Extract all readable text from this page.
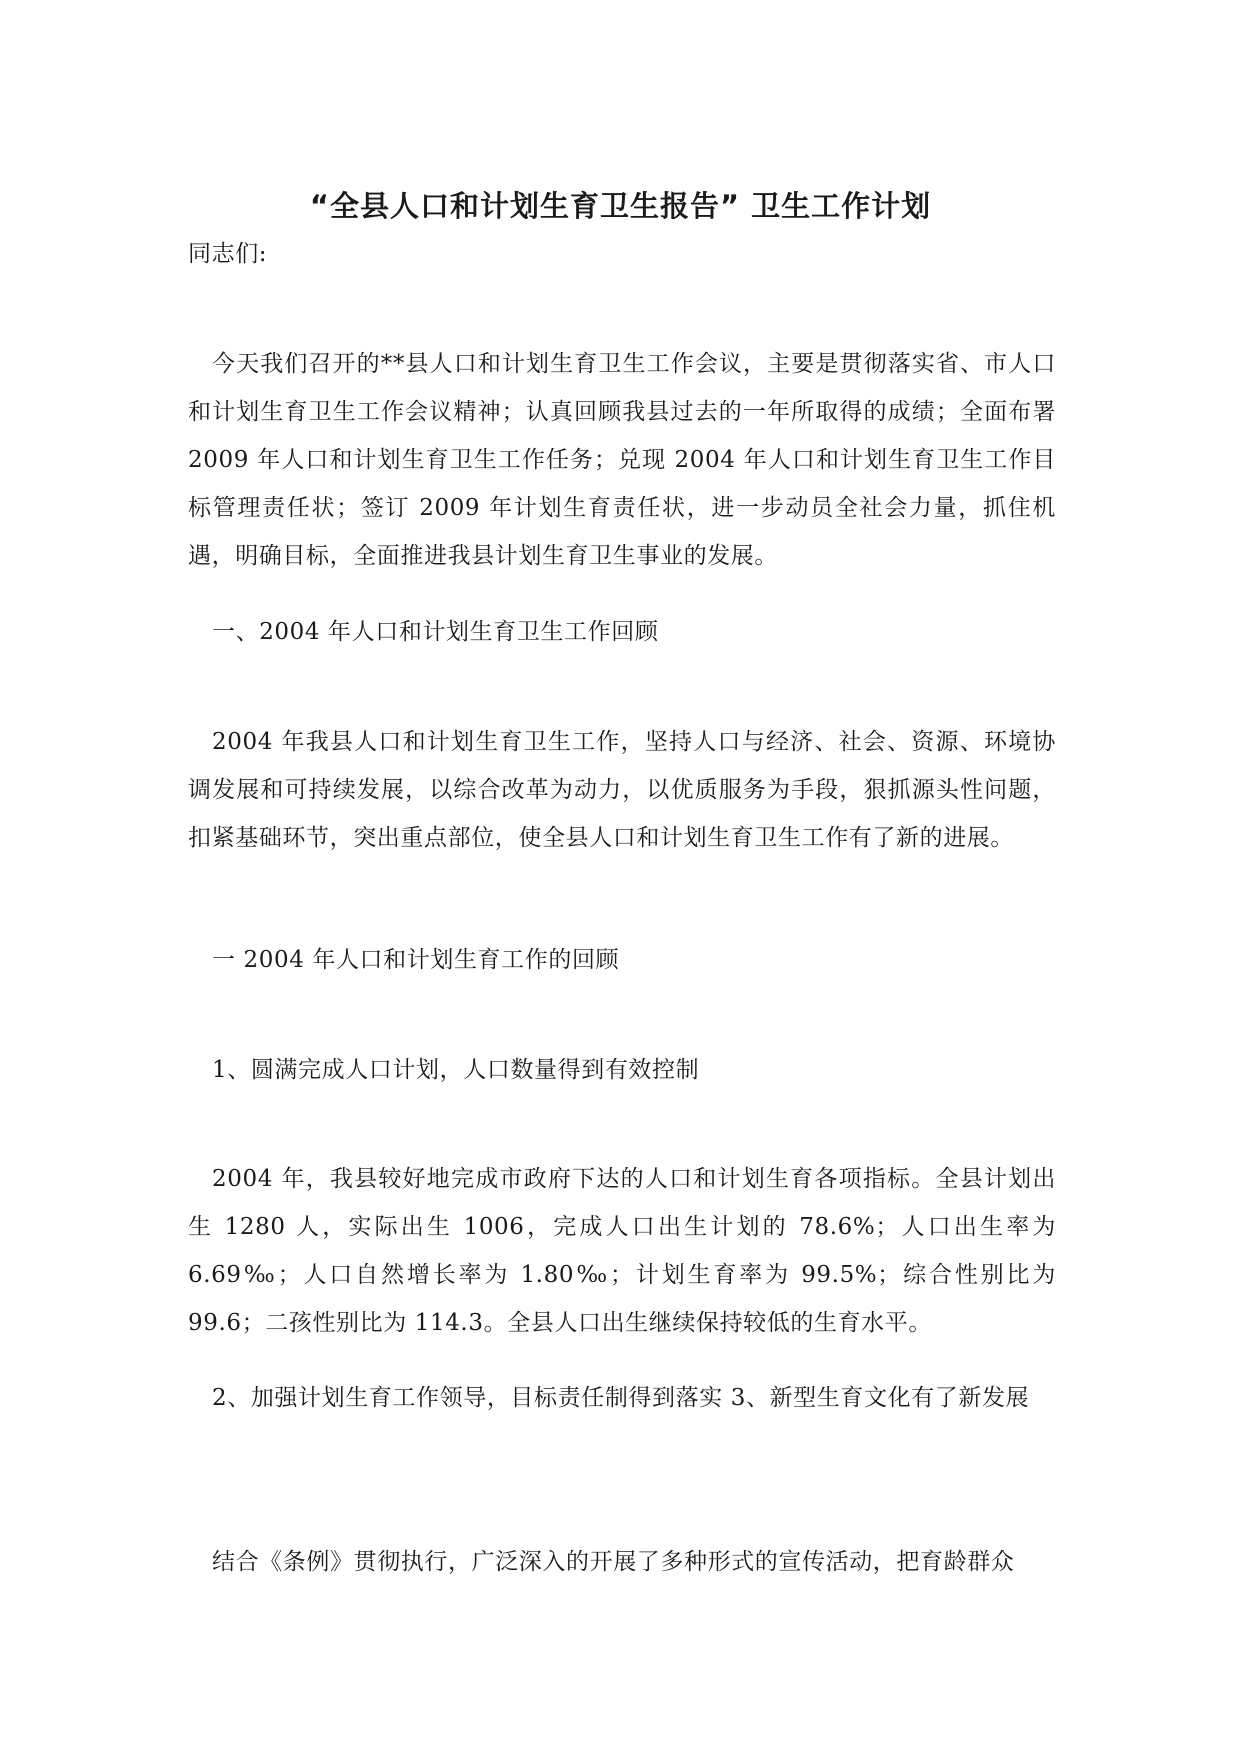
“全县人口和计划生育卫生报告” 卫生工作计划

同志们:

今天我们召开的**县人口和计划生育卫生工作会议，主要是贯彻落实省、市人口和计划生育卫生工作会议精神；认真回顾我县过去的一年所取得的成绩；全面布署 2009 年人口和计划生育卫生工作任务；兑现 2004 年人口和计划生育卫生工作目标管理责任状；签订 2009 年计划生育责任状，进一步动员全社会力量，抓住机遇，明确目标，全面推进我县计划生育卫生事业的发展。

一、2004 年人口和计划生育卫生工作回顾

2004 年我县人口和计划生育卫生工作，坚持人口与经济、社会、资源、环境协调发展和可持续发展，以综合改革为动力，以优质服务为手段，狠抓源头性问题，扣紧基础环节，突出重点部位，使全县人口和计划生育卫生工作有了新的进展。

一 2004 年人口和计划生育工作的回顾

1、圆满完成人口计划，人口数量得到有效控制

2004 年，我县较好地完成市政府下达的人口和计划生育各项指标。全县计划出生 1280 人，实际出生 1006，完成人口出生计划的 78.6%；人口出生率为 6.69‰；人口自然增长率为 1.80‰；计划生育率为 99.5%；综合性别比为 99.6；二孩性别比为 114.3。全县人口出生继续保持较低的生育水平。

2、加强计划生育工作领导，目标责任制得到落实 3、新型生育文化有了新发展

结合《条例》贯彻执行，广泛深入的开展了多种形式的宣传活动，把育龄群众
